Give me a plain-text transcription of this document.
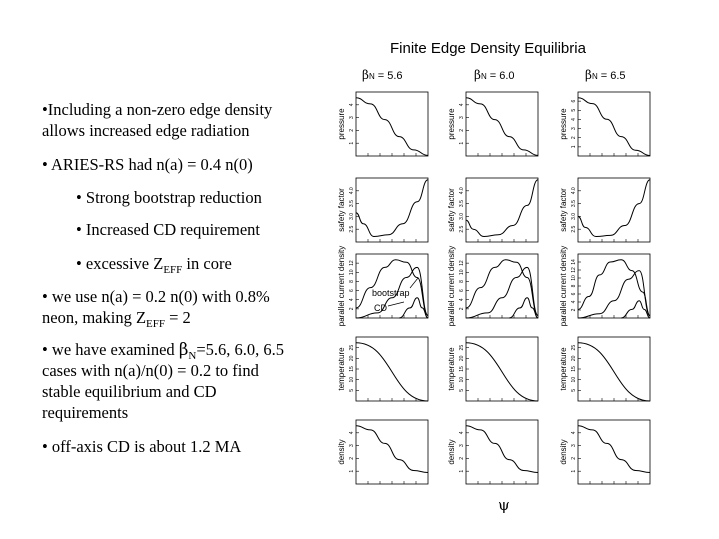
•Including a non-zero edge density
allows increased edge radiation
• ARIES-RS had n(a) = 0.4 n(0)
• Strong bootstrap reduction
• Increased CD requirement
• excessive $Z_{EFF}$ in core
• we use n(a) = 0.2 n(0) with 0.8%
neon, making $Z_{EFF} = 2$
• we have examined $\beta_N=5.6$, 6.0, 6.5
cases with n(a)/n(0) = 0.2 to find
stable equilibrium and CD
requirements
• off-axis CD is about 1.2 MA
Finite Edge Density Equilibria
βN = 5.6	βN = 6.0	βN = 6.5
pressure
1
2
3
4
pressure
1
2
3
4
pressure
1
2
3
4
5
6
safety factor 2.5
3.0
3.5
4.0	safety factor 2.5
3.0
3.5
4.0	safety factor 2.5
3.0
3.5
4.0
parallel current density 2
4
6
8
10
12	parallel current density 2
4
6
8
10
12	parallel current density 2
4
6
8
10
12
14
temperature 5
10
15
20
25	temperature 5
10
15
20
25	temperature 5
10
15
20
25
density
1
2
3
4
density
1
2
3
4
density
1
2
3
4
bootstrap
CD
ψ
